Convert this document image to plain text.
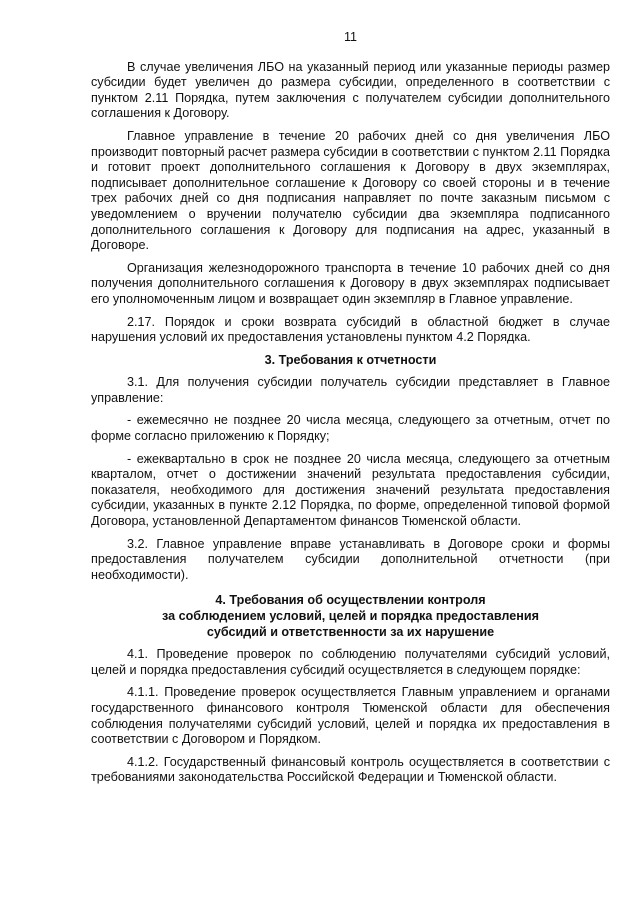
11

В случае увеличения ЛБО на указанный период или указанные периоды размер субсидии будет увеличен до размера субсидии, определенного в соответствии с пунктом 2.11 Порядка, путем заключения с получателем субсидии дополнительного соглашения к Договору.

Главное управление в течение 20 рабочих дней со дня увеличения ЛБО производит повторный расчет размера субсидии в соответствии с пунктом 2.11 Порядка и готовит проект дополнительного соглашения к Договору в двух экземплярах, подписывает дополнительное соглашение к Договору со своей стороны и в течение трех рабочих дней со дня подписания направляет по почте заказным письмом с уведомлением о вручении получателю субсидии два экземпляра подписанного дополнительного соглашения к Договору для подписания на адрес, указанный в Договоре.

Организация железнодорожного транспорта в течение 10 рабочих дней со дня получения дополнительного соглашения к Договору в двух экземплярах подписывает его уполномоченным лицом и возвращает один экземпляр в Главное управление.

2.17. Порядок и сроки возврата субсидий в областной бюджет в случае нарушения условий их предоставления установлены пунктом 4.2 Порядка.

3. Требования к отчетности

3.1. Для получения субсидии получатель субсидии представляет в Главное управление:

- ежемесячно не позднее 20 числа месяца, следующего за отчетным, отчет по форме согласно приложению к Порядку;

- ежеквартально в срок не позднее 20 числа месяца, следующего за отчетным кварталом, отчет о достижении значений результата предоставления субсидии, показателя, необходимого для достижения значений результата предоставления субсидии, указанных в пункте 2.12 Порядка, по форме, определенной типовой формой Договора, установленной Департаментом финансов Тюменской области.

3.2. Главное управление вправе устанавливать в Договоре сроки и формы предоставления получателем субсидии дополнительной отчетности (при необходимости).

4. Требования об осуществлении контроля
за соблюдением условий, целей и порядка предоставления
субсидий и ответственности за их нарушение

4.1. Проведение проверок по соблюдению получателями субсидий условий, целей и порядка предоставления субсидий осуществляется в следующем порядке:

4.1.1. Проведение проверок осуществляется Главным управлением и органами государственного финансового контроля Тюменской области для обеспечения соблюдения получателями субсидий условий, целей и порядка их предоставления в соответствии с Договором и Порядком.

4.1.2. Государственный финансовый контроль осуществляется в соответствии с требованиями законодательства Российской Федерации и Тюменской области.
